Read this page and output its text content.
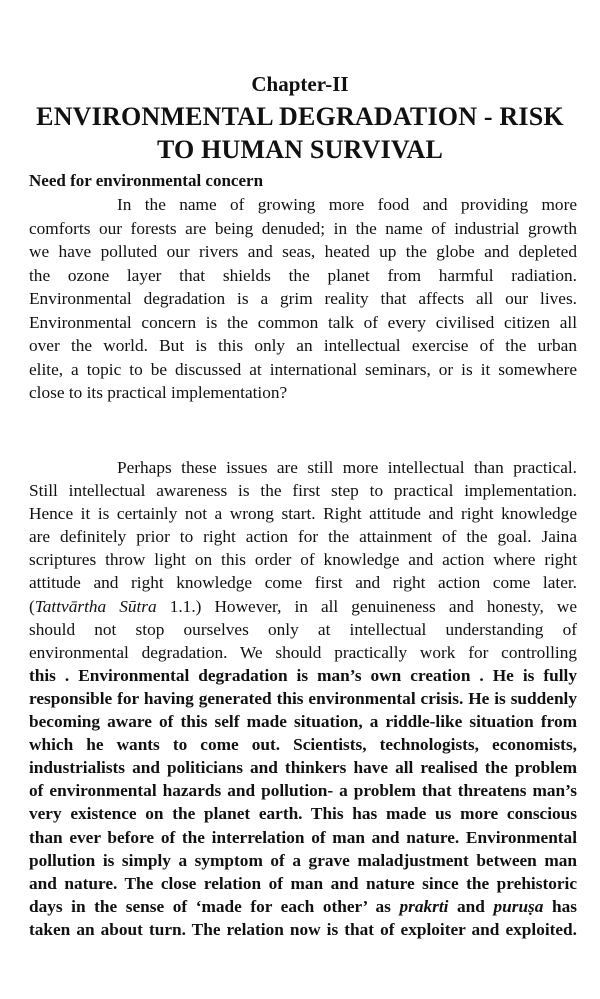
Chapter-II
ENVIRONMENTAL DEGRADATION - RISK
TO HUMAN SURVIVAL
Need for environmental concern
In the name of growing more food and providing more
comforts our forests are being denuded; in the name of industrial growth
we have polluted our rivers and seas, heated up the globe and depleted
the ozone layer that shields the planet from harmful radiation.
Environmental degradation is a grim reality that affects all our lives.
Environmental concern is the common talk of every civilised citizen all
over the world. But is this only an intellectual exercise of the urban
elite, a topic to be discussed at international seminars, or is it somewhere
close to its practical implementation?
Perhaps these issues are still more intellectual than practical.
Still intellectual awareness is the first step to practical implementation.
Hence it is certainly not a wrong start. Right attitude and right knowledge
are definitely prior to right action for the attainment of the goal. Jaina
scriptures throw light on this order of knowledge and action where right
attitude and right knowledge come first and right action come later.
(Tattvārtha Sūtra 1.1.) However, in all genuineness and honesty, we
should not stop ourselves only at intellectual understanding of
environmental degradation. We should practically work for controlling
this . Environmental degradation is man’s own creation . He is fully
responsible for having generated this environmental crisis. He is suddenly
becoming aware of this self made situation, a riddle-like situation from
which he wants to come out. Scientists, technologists, economists,
industrialists and politicians and thinkers have all realised the problem
of environmental hazards and pollution- a problem that threatens man’s
very existence on the planet earth. This has made us more conscious
than ever before of the interrelation of man and nature. Environmental
pollution is simply a symptom of a grave maladjustment between man
and nature. The close relation of man and nature since the prehistoric
days in the sense of ‘made for each other’ as prakrti and puruṣa has
taken an about turn. The relation now is that of exploiter and exploited.
